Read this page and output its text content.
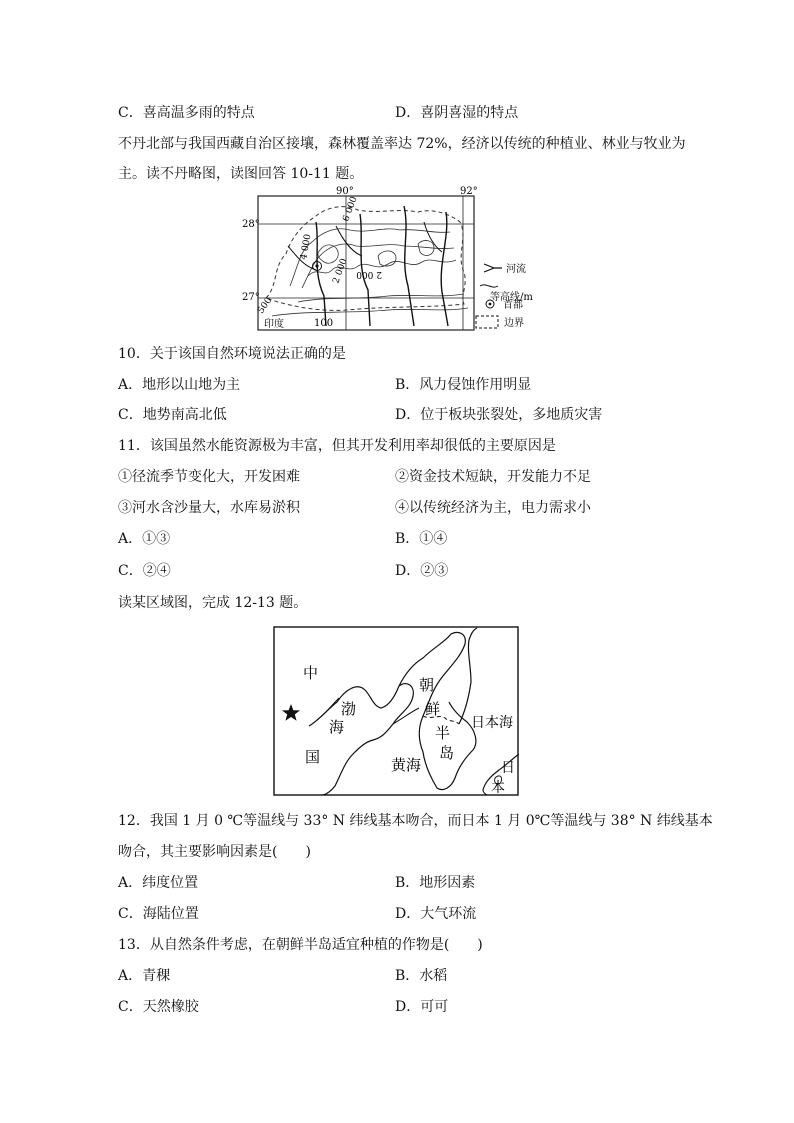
C．喜高温多雨的特点	D．喜阴喜湿的特点
不丹北部与我国西藏自治区接壤，森林覆盖率达 72%，经济以传统的种植业、林业与牧业为
主。读不丹略图，读图回答 10-11 题。
90°	92°
28°
27°
6 000
4 000
2 000 2 000
500
100
印度
河流
等高线/m
首都
边界
10．关于该国自然环境说法正确的是
A．地形以山地为主	B．风力侵蚀作用明显
C．地势南高北低	D．位于板块张裂处，多地质灾害
11．该国虽然水能资源极为丰富，但其开发利用率却很低的主要原因是
①径流季节变化大，开发困难	②资金技术短缺，开发能力不足
③河水含沙量大，水库易淤积	④以传统经济为主，电力需求小
A．①③	B．①④
C．②④	D．②③
读某区域图，完成 12-13 题。
中
国
渤
海
黄海
朝
鲜
半
岛
日本海
日
本
12．我国 1 月 0 ℃等温线与 33° N 纬线基本吻合，而日本 1 月 0℃等温线与 38° N 纬线基本
吻合，其主要影响因素是(　　)
A．纬度位置	B．地形因素
C．海陆位置	D．大气环流
13．从自然条件考虑，在朝鲜半岛适宜种植的作物是(　　)
A．青稞	B．水稻
C．天然橡胶	D．可可
